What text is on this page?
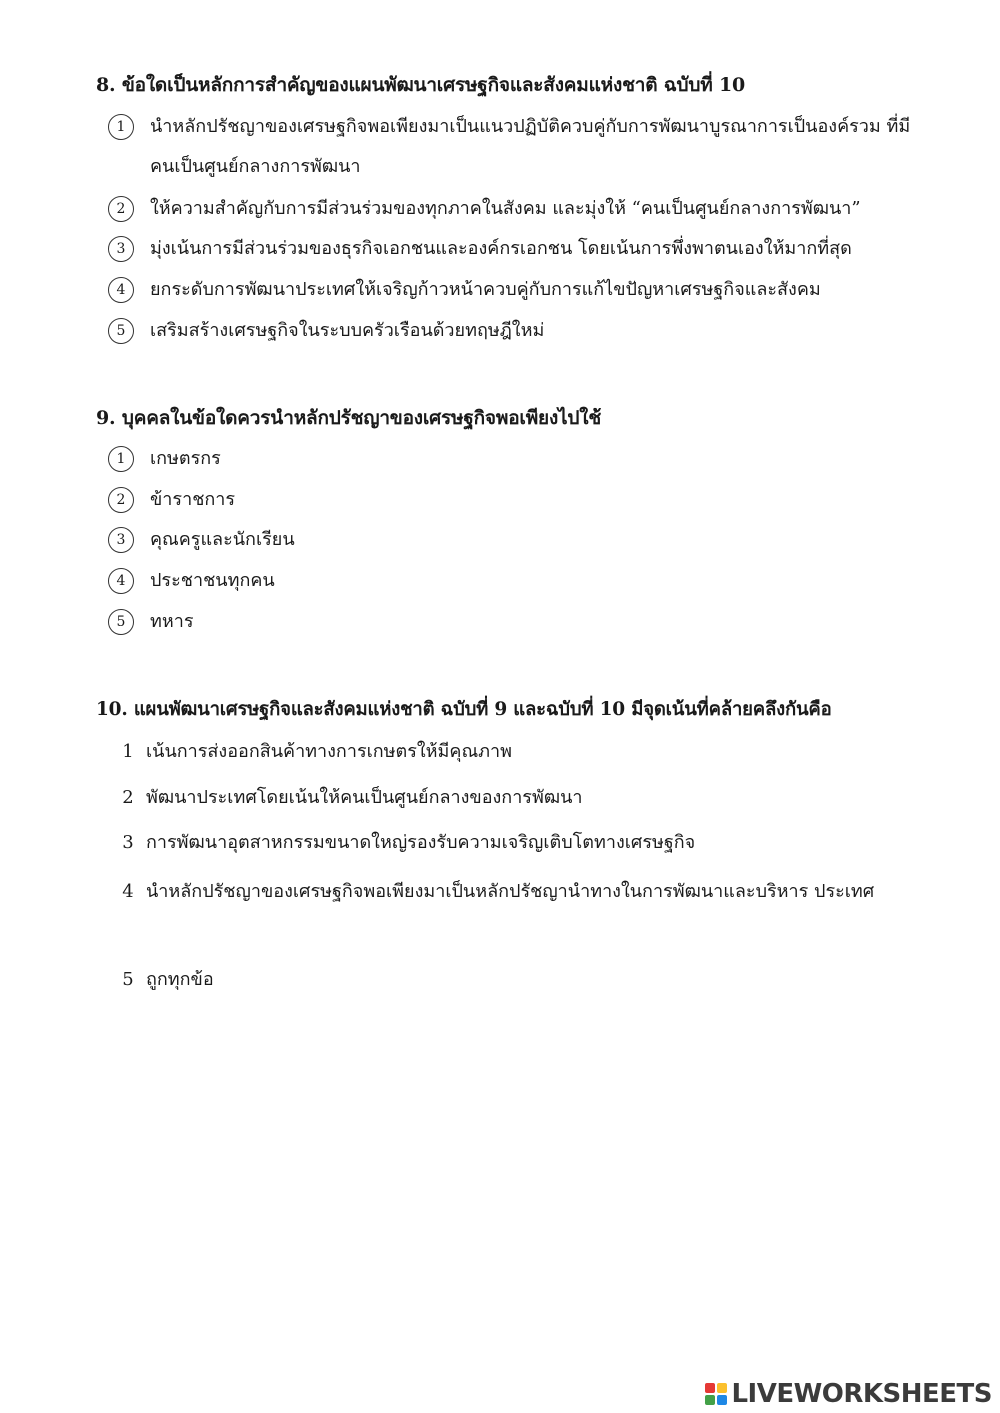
8. ข้อใดเป็นหลักการสำคัญของแผนพัฒนาเศรษฐกิจและสังคมแห่งชาติ ฉบับที่ 10
1	นำหลักปรัชญาของเศรษฐกิจพอเพียงมาเป็นแนวปฏิบัติควบคู่กับการพัฒนาบูรณาการเป็นองค์รวม ที่มีคนเป็นศูนย์กลางการพัฒนา
2	ให้ความสำคัญกับการมีส่วนร่วมของทุกภาคในสังคม และมุ่งให้ “คนเป็นศูนย์กลางการพัฒนา”
3	มุ่งเน้นการมีส่วนร่วมของธุรกิจเอกชนและองค์กรเอกชน โดยเน้นการพึ่งพาตนเองให้มากที่สุด
4	ยกระดับการพัฒนาประเทศให้เจริญก้าวหน้าควบคู่กับการแก้ไขปัญหาเศรษฐกิจและสังคม
5	เสริมสร้างเศรษฐกิจในระบบครัวเรือนด้วยทฤษฎีใหม่
9. บุคคลในข้อใดควรนำหลักปรัชญาของเศรษฐกิจพอเพียงไปใช้
1	เกษตรกร
2	ข้าราชการ
3	คุณครูและนักเรียน
4	ประชาชนทุกคน
5	ทหาร
10. แผนพัฒนาเศรษฐกิจและสังคมแห่งชาติ ฉบับที่ 9 และฉบับที่ 10 มีจุดเน้นที่คล้ายคลึงกันคือ
1 เน้นการส่งออกสินค้าทางการเกษตรให้มีคุณภาพ
2 พัฒนาประเทศโดยเน้นให้คนเป็นศูนย์กลางของการพัฒนา
3 การพัฒนาอุตสาหกรรมขนาดใหญ่รองรับความเจริญเติบโตทางเศรษฐกิจ
4 นำหลักปรัชญาของเศรษฐกิจพอเพียงมาเป็นหลักปรัชญานำทางในการพัฒนาและบริหาร ประเทศ
5 ถูกทุกข้อ
LIVEWORKSHEETS
